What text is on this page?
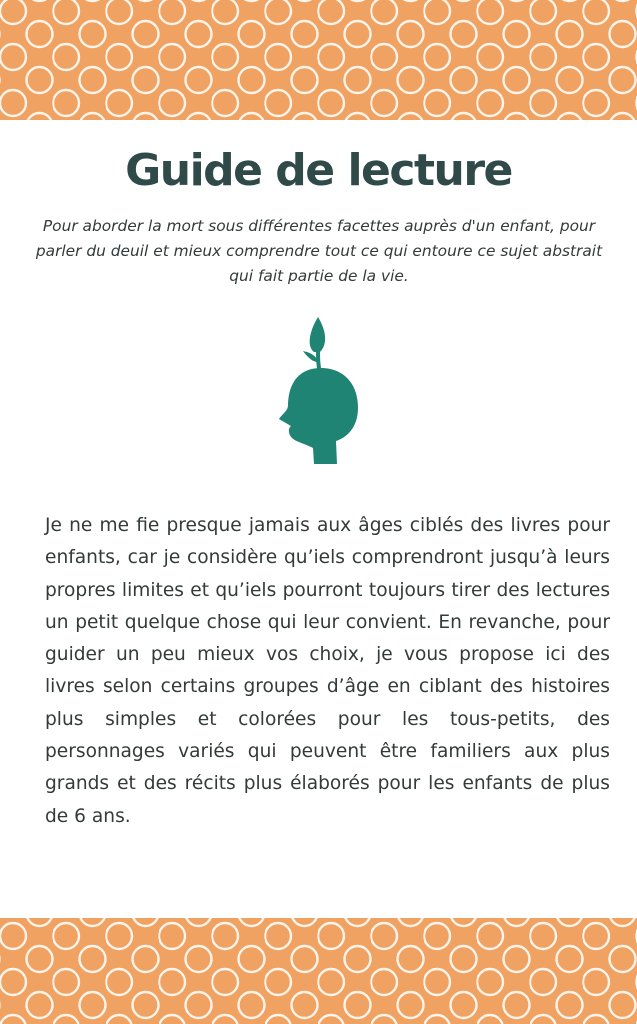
Guide de lecture

Pour aborder la mort sous différentes facettes auprès d'un enfant, pour parler du deuil et mieux comprendre tout ce qui entoure ce sujet abstrait qui fait partie de la vie.

Je ne me fie presque jamais aux âges ciblés des livres pour enfants, car je considère qu’iels comprendront jusqu’à leurs propres limites et qu’iels pourront toujours tirer des lectures un petit quelque chose qui leur convient. En revanche, pour guider un peu mieux vos choix, je vous propose ici des livres selon certains groupes d’âge en ciblant des histoires plus simples et colorées pour les tous-petits, des personnages variés qui peuvent être familiers aux plus grands et des récits plus élaborés pour les enfants de plus de 6 ans.
